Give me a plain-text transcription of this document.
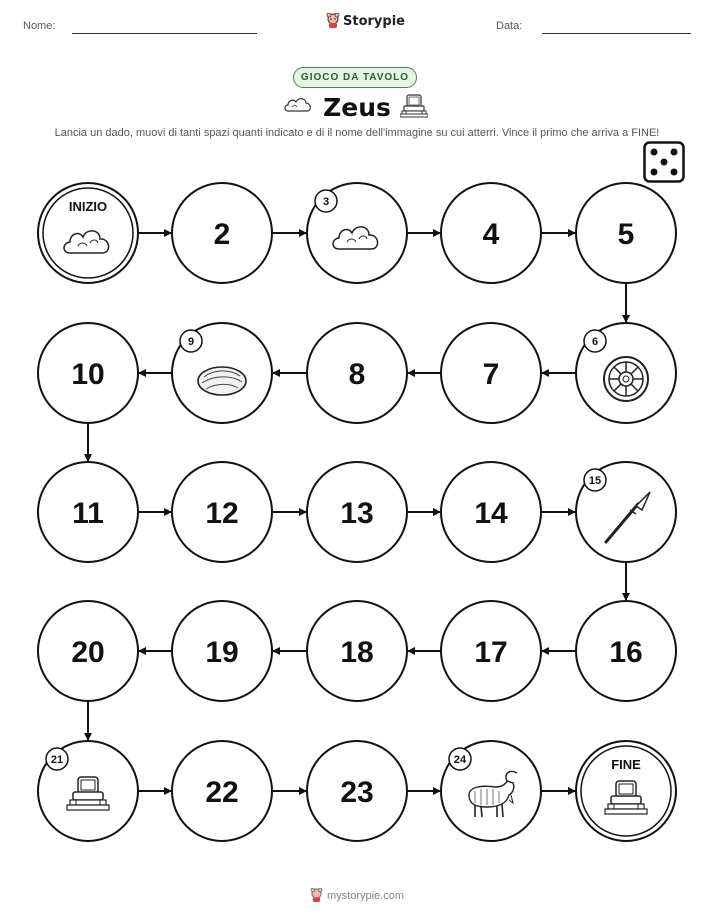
Nome:	Storypie	Data:
GIOCO DA TAVOLO
Zeus
Lancia un dado, muovi di tanti spazi quanti indicato e di il nome dell'immagine su cui atterri. Vince il primo che arriva a FINE!
INIZIO
2
3
4	5
6
7
8
9
10
11	12	13	14
15
16
17
18
19
20
21
22	23
24	FINE
mystorypie.com
